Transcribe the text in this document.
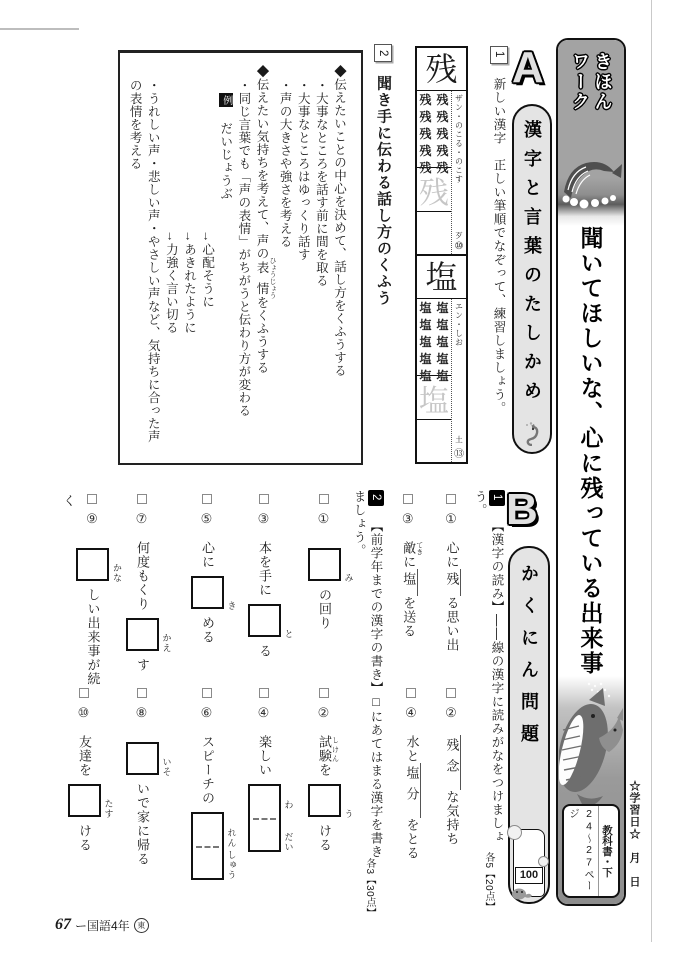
きほん
ワーク
聞いてほしいな、心に残っている出来事
24〜27ページ
教科書・下	☆学習日☆　月　日
A
漢字と言葉のたしかめ
1 新しい漢字　正しい筆順でなぞって、練習しましょう。
残
残
残
残
残
残
残
残
残
残
残
残
ザン・のこる・のこす
歹
⑩
塩
塩
塩
塩
塩
塩
塩
塩
塩
塩
塩
塩
エン・しお
土
⑬
2 聞き手に伝わる話し方のくふう

◆伝えたいことの中心を決めて、話し方をくふうする

・大事なところを話す前に間を取る

・大事なところはゆっくり話す

・声の大きさや強さを考える

◆伝えたい気持ちを考えて、声の表情 ひょうじょうをくふうする

・同じ言葉でも「声の表情」がちがうと伝わり方が変わる

例　だいじょうぶ

→心配そうに

→あきれたように

→力強く言い切る

・うれしい声・悲しい声・やさしい声など、気持ちに合った声の表情を考える

B
かくにん問題
100
1 【漢字の読み】――線の漢字に読みがなをつけましょう。
各5【20点】
① 心に残る思い出
② 残念な気持ち
③ 敵 てきに塩を送る
④ 水と塩分をとる
2 【前学年までの漢字の書き】□にあてはまる漢字を書きましょう。
各3【30点】
①
み
の回り
③ 本を手に
と
る
⑤ 心に
き
める
⑦ 何度もくり
かえ
す
⑨
かな
しい出来事が続く
② 試験 しけんを
う
ける
④ 楽しい
わ
だい
⑥ スピーチの
れん
しゅう
⑧
いそ
いで家に帰る
⑩ 友達を
たす
ける
67 ー国語4年 東
